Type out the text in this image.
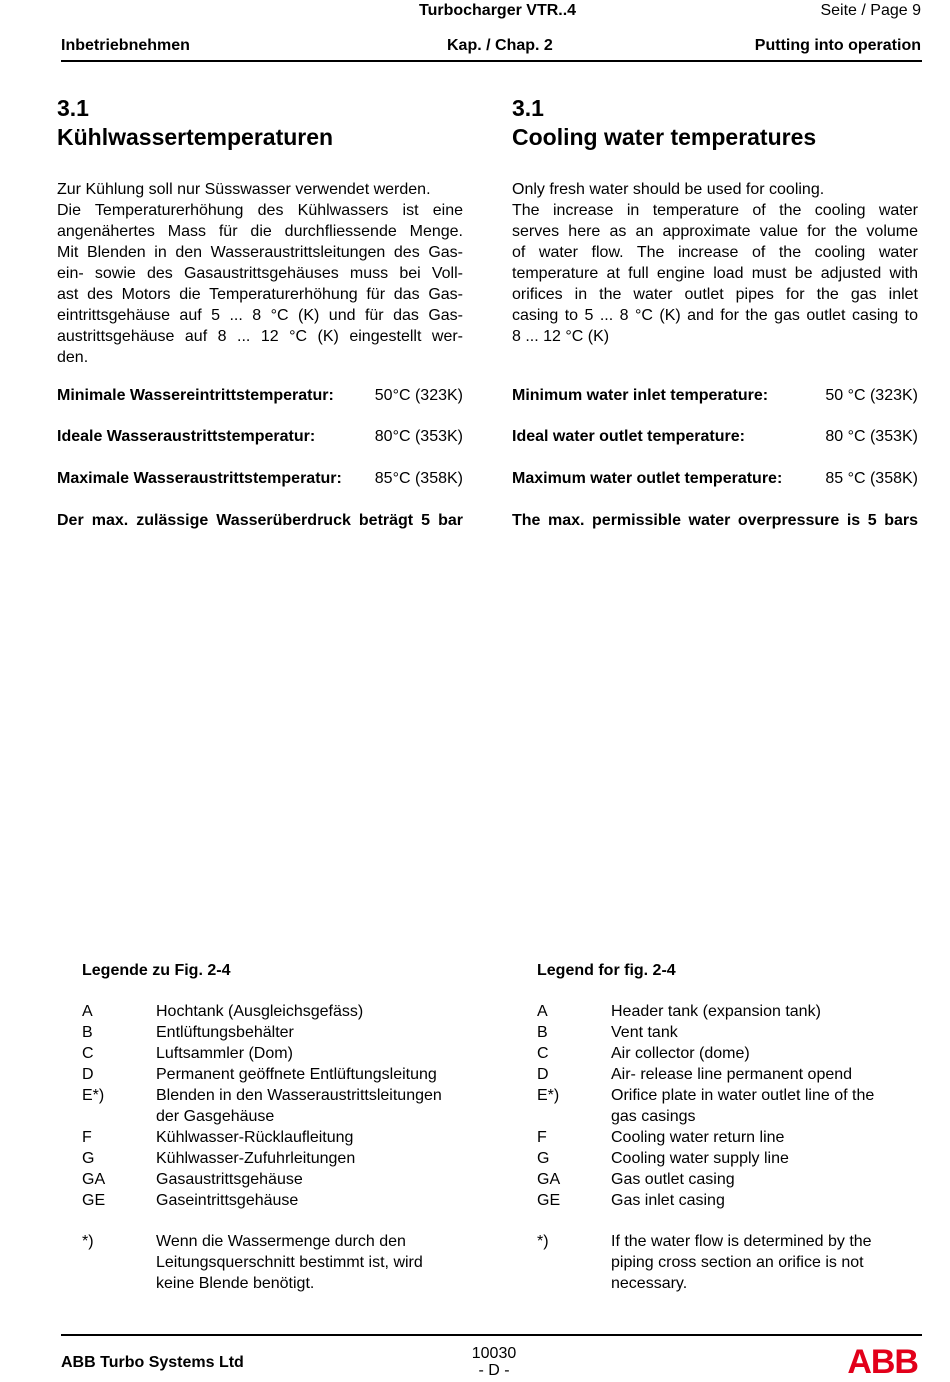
Turbocharger VTR..4	Seite / Page 9
Inbetriebnehmen	Kap. / Chap. 2	Putting into operation
3.1
Kühlwassertemperaturen
Zur Kühlung soll nur Süsswasser verwendet werden.
Die Temperaturerhöhung des Kühlwassers ist eine
angenähertes Mass für die durchfliessende Menge.
Mit Blenden in den Wasseraustrittsleitungen des Gas-
ein- sowie des Gasaustrittsgehäuses muss bei Voll-
ast des Motors die Temperaturerhöhung für das Gas-
eintrittsgehäuse auf 5 ... 8 °C (K) und für das Gas-
austrittsgehäuse auf 8 ... 12 °C (K) eingestellt wer-
den.
3.1
Cooling water temperatures
Only fresh water should be used for cooling.
The increase in temperature of the cooling water
serves here as an approximate value for the volume
of water flow. The increase of the cooling water
temperature at full engine load must be adjusted with
orifices in the water outlet pipes for the gas inlet
casing to 5 ... 8 °C (K) and for the gas outlet casing to
8 ... 12 °C (K)
Minimale Wassereintrittstemperatur:	50°C (323K)
Ideale Wasseraustrittstemperatur:	80°C (353K)
Maximale Wasseraustrittstemperatur: 85°C (358K)
Der max. zulässige Wasserüberdruck beträgt 5 bar
Minimum water inlet temperature:	50 °C (323K)
Ideal water outlet temperature:	80 °C (353K)
Maximum water outlet temperature:	85 °C (358K)
The max. permissible water overpressure is 5 bars
Legende zu Fig. 2-4
A	Hochtank (Ausgleichsgefäss)
B	Entlüftungsbehälter
C	Luftsammler (Dom)
D	Permanent geöffnete Entlüftungsleitung
E*)	Blenden in den Wasseraustrittsleitungen
der Gasgehäuse
F	Kühlwasser-Rücklaufleitung
G	Kühlwasser-Zufuhrleitungen
GA	Gasaustrittsgehäuse
GE	Gaseintrittsgehäuse
*)	Wenn die Wassermenge durch den
Leitungsquerschnitt bestimmt ist, wird
keine Blende benötigt.
Legend for fig. 2-4
A	Header tank (expansion tank)
B	Vent tank
C	Air collector (dome)
D	Air- release line permanent opend
E*)	Orifice plate in water outlet line of the
gas casings
F	Cooling water return line
G	Cooling water supply line
GA	Gas outlet casing
GE	Gas inlet casing
*)	If the water flow is determined by the
piping cross section an orifice is not
necessary.
ABB Turbo Systems Ltd
10030
- D -	ABB
